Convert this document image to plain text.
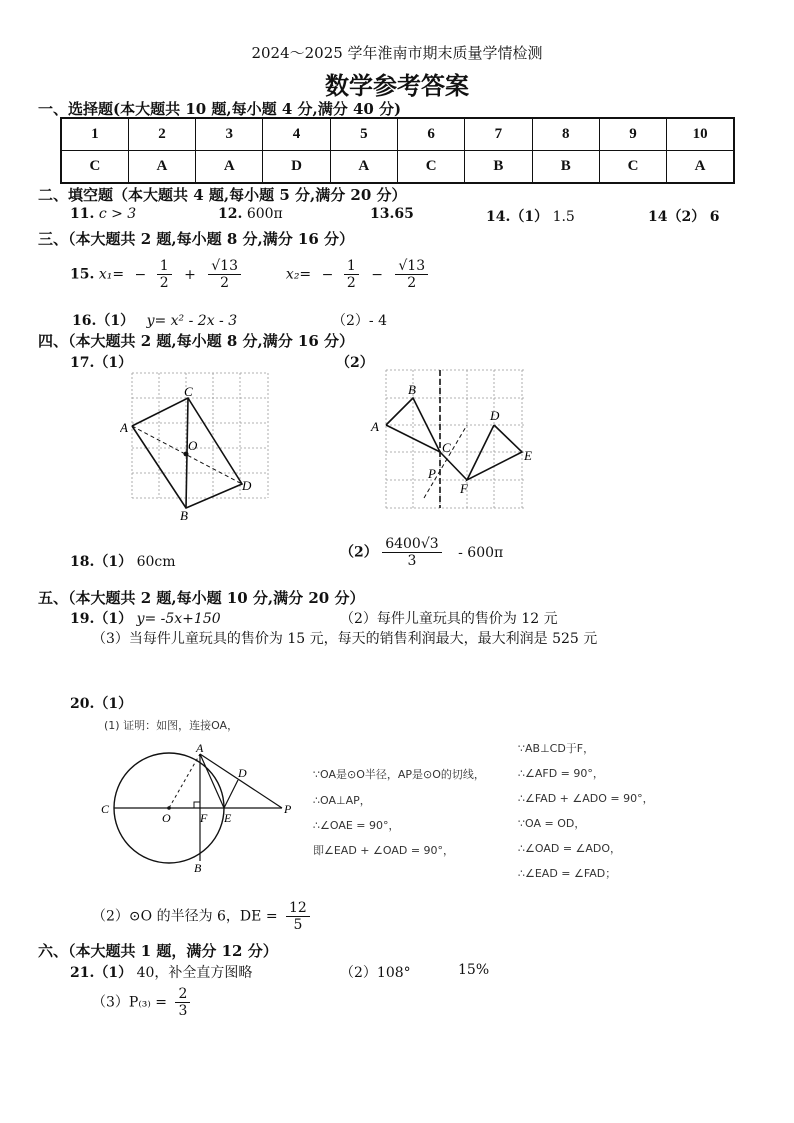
2024～2025 学年淮南市期末质量学情检测
数学参考答案
一、选择题(本大题共 10 题,每小题 4 分,满分 40 分)
1	2	3	4	5	6	7	8	9	10
C	A	A	D	A	C	B	B	C	A
二、填空题（本大题共 4 题,每小题 5 分,满分 20 分）
11. c > 3	12. 600π	13.65	14.（1） 1.5	14（2） 6
三、（本大题共 2 题,每小题 8 分,满分 16 分）
15. $x_1= - \frac{1}{2} + \frac{√13}{2}$	$x_2= - \frac{1}{2} - \frac{√13}{2}$
16.（1） y= x² - 2x - 3	（2）- 4
四、（本大题共 2 题,每小题 8 分,满分 16 分）
17.（1）	（2）
A
C
O
D
B
B
A
C
D
E
P
F
18.（1） 60cm
$(2) \frac{6400√3}{3} - 600\pi$
五、（本大题共 2 题,每小题 10 分,满分 20 分）
19.（1） y= -5x+150	（2）每件儿童玩具的售价为 12 元
（3）当每件儿童玩具的售价为 15 元，每天的销售利润最大，最大利润是 525 元
20.（1）
(1) 证明：如图，连接OA，
A
D
C
O F E
P
B
∵OA是⊙O半径，AP是⊙O的切线，
∴OA⊥AP，
∴∠OAE = 90°，
即∠EAD + ∠OAD = 90°，
∵AB⊥CD于F，
∴∠AFD = 90°，
∴∠FAD + ∠ADO = 90°，
∵OA = OD，
∴∠OAD = ∠ADO，
∴∠EAD = ∠FAD；
（2）⊙O 的半径为 6，DE = $\frac{12}{5}$
六、（本大题共 1 题，满分 12 分）
21.（1） 40，补全直方图略	（2）108°	15%
$(3)P_{(3)} = \frac{2}{3}$
